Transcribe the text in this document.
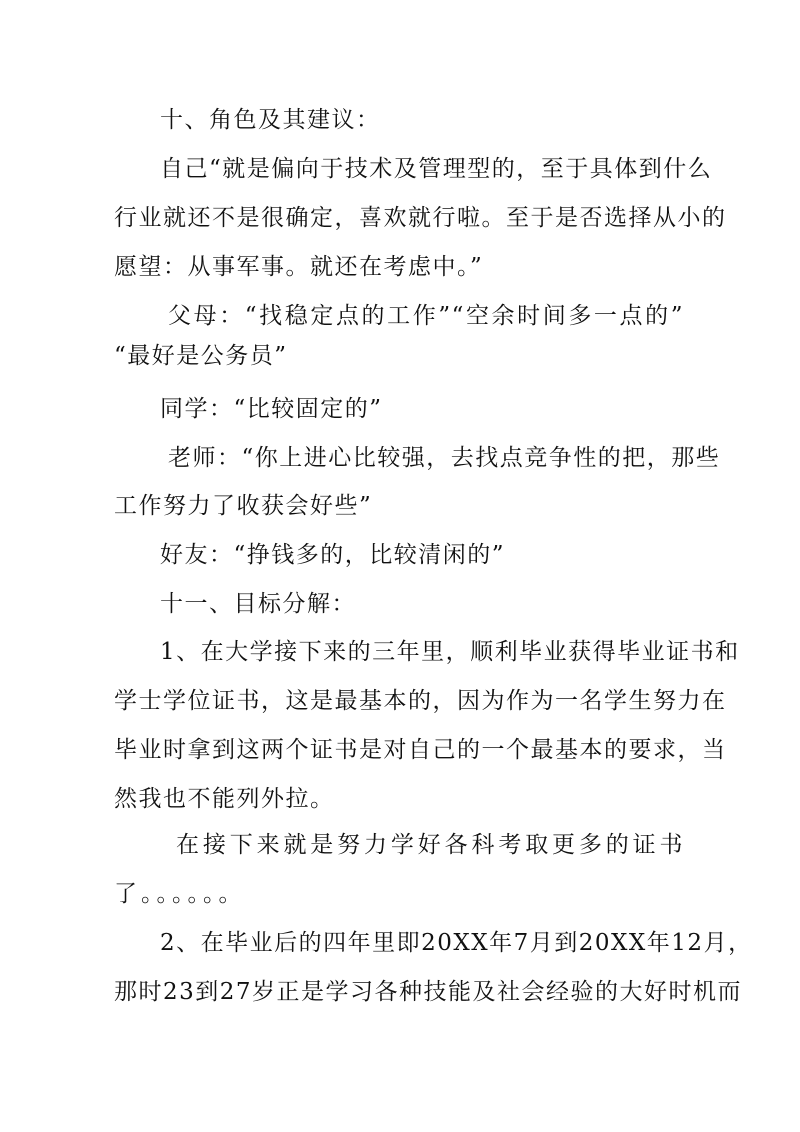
十、角色及其建议：
自己“就是偏向于技术及管理型的，至于具体到什么
行业就还不是很确定，喜欢就行啦。至于是否选择从小的
愿望：从事军事。就还在考虑中。”
父母：“找稳定点的工作”“空余时间多一点的”
“最好是公务员”
同学：“比较固定的”
老师：“你上进心比较强，去找点竞争性的把，那些
工作努力了收获会好些”
好友：“挣钱多的，比较清闲的”
十一、目标分解：
1、在大学接下来的三年里，顺利毕业获得毕业证书和
学士学位证书，这是最基本的，因为作为一名学生努力在
毕业时拿到这两个证书是对自己的一个最基本的要求，当
然我也不能列外拉。
在接下来就是努力学好各科考取更多的证书
了。。。。。。
2、在毕业后的四年里即20XX年7月到20XX年12月，
那时23到27岁正是学习各种技能及社会经验的大好时机而
